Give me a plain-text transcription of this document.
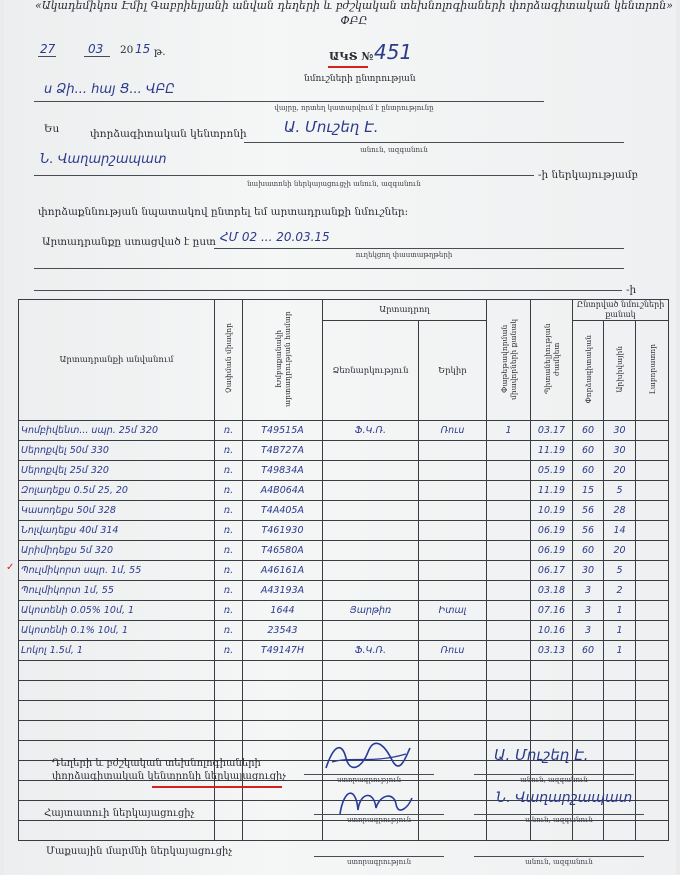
«Ակադեմիկոս Էմիլ Գաբրիելյանի անվան դեղերի և բժշկական տեխնոլոգիաների փորձագիտական կենտրոն» ՓԲԸ
27	03 20 15 թ.	ԱԿՏ № 451
նմուշների ընտրության
ս Ձի... հայ Ց... ՎԲԸ
վայրը, որտեղ կատարվում է ընտրությունը
Ես	փորձագիտական կենտրոնի Ա. Մուշեղ Է.
անուն, ազգանուն
Ն. Վաղարշապատ
-ի ներկայությամբ
նախատոնի ներկայացուցչի անուն, ազգանուն
փորձաքննության նպատակով ընտրել եմ արտադրանքի նմուշներ:
Արտադրանքը ստացված է ըստ ՀՄ 02 ... 20.03.15
ուղեկցող փաստաթղթերի
-ի
Արտադրանքի անվանում	Չափման միավոր	Խմբաքանակի արտադրության համար	Արտադրող		Փաթեթավորման միավորների քանակ	Պիտանելիության ժամկետ	Ընտրված նմուշների քանակ		
			Ձեռնարկություն	Երկիր			Փորձագիտական	Արխիվային	Լաբորատոր

Կոմբիվենտ... սպր. 25մ 320	ռ.	T49515A	Ֆ.Կ.Ռ.	Ռուս	1	03.17	60	30	
Սերոքվել 50մ 330	ռ.	T4B727A				11.19	60	30	
Սերոքվել 25մ 320	ռ.	T49834A				05.19	60	20	
Զոլադեքս 0.5մ 25, 20	ռ.	A4B064A				11.19	15	5	
Կասոդեքս 50մ 328	ռ.	T4A405A				10.19	56	28	
Նոլվադեքս 40մ 314	ռ.	T461930				06.19	56	14	
Արիմիդեքս 5մ 320	ռ.	T46580A				06.19	60	20	
Պուլմիկորտ սպր. 1մ, 55	ռ.	A46161A				06.17	30	5	
Պուլմիկորտ 1մ, 55	ռ.	A43193A				03.18	3	2	
Ակոտենի 0.05% 10մ, 1	ռ.	1644	Յարթիռ	Իտալ		07.16	3	1	
Ակոտենի 0.1% 10մ, 1	ռ.	23543				10.16	3	1	
Լոկոլ 1.5մ, 1	ռ.	T49147H	Ֆ.Կ.Ռ.	Ռուս		03.13	60	1	

Դեղերի և բժշկական տեխնոլոգիաների
փորձագիտական կենտրոնի ներկայացուցիչ	ստորագրություն
Ա. Մուշեղ Է.
անուն, ազգանուն
Հայտատուի ներկայացուցիչ
ստորագրություն
Ն. Վաղարշապատ
անուն, ազգանուն
Մաքսային մարմնի ներկայացուցիչ
ստորագրություն	անուն, ազգանուն
✓
